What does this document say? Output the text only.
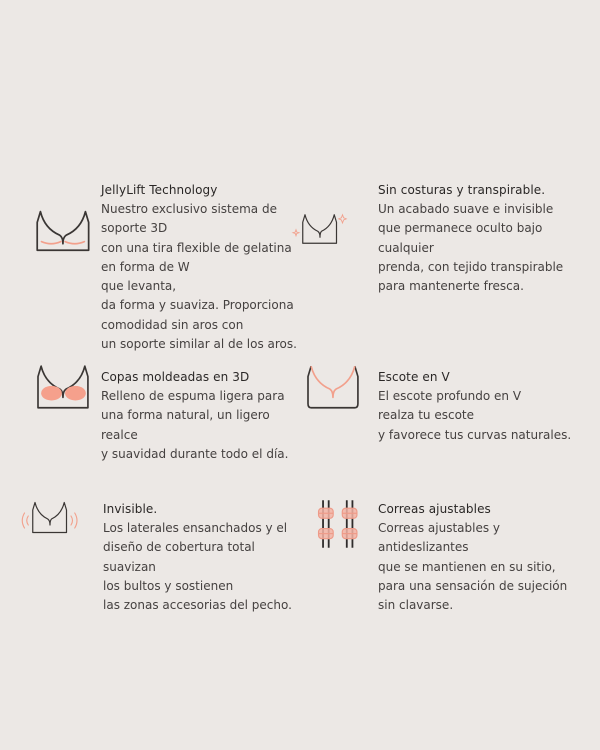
JellyLift Technology

Nuestro exclusivo sistema de
soporte 3D
con una tira flexible de gelatina
en forma de W
que levanta,
da forma y suaviza. Proporciona
comodidad sin aros con
un soporte similar al de los aros.

Sin costuras y transpirable.

Un acabado suave e invisible
que permanece oculto bajo
cualquier
prenda, con tejido transpirable
para mantenerte fresca.

Copas moldeadas en 3D

Relleno de espuma ligera para
una forma natural, un ligero
realce
y suavidad durante todo el día.

Escote en V

El escote profundo en V
realza tu escote
y favorece tus curvas naturales.

Invisible.

Los laterales ensanchados y el
diseño de cobertura total
suavizan
los bultos y sostienen
las zonas accesorias del pecho.

Correas ajustables

Correas ajustables y
antideslizantes
que se mantienen en su sitio,
para una sensación de sujeción
sin clavarse.
